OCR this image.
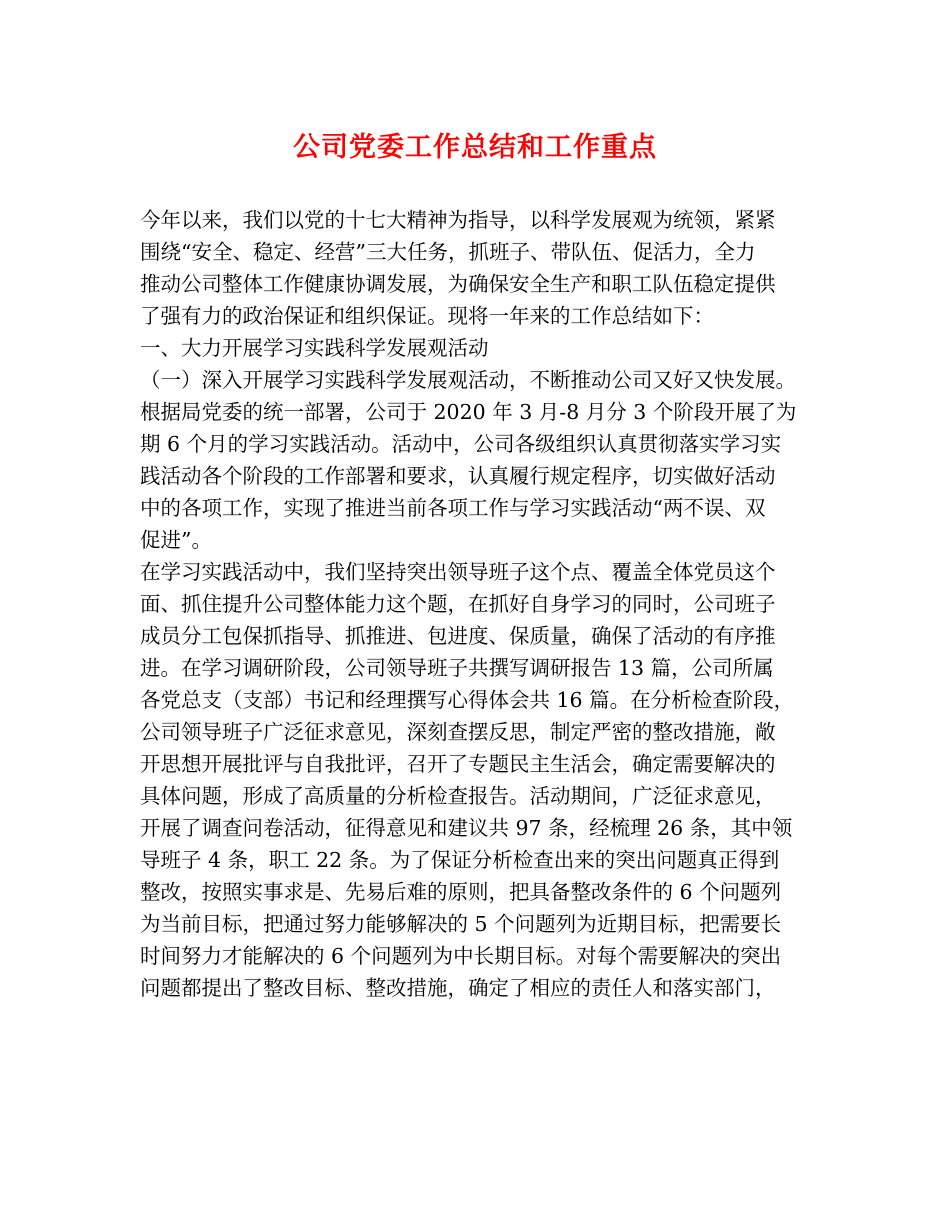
公司党委工作总结和工作重点
今年以来，我们以党的十七大精神为指导，以科学发展观为统领，紧紧
围绕“安全、稳定、经营”三大任务，抓班子、带队伍、促活力，全力
推动公司整体工作健康协调发展，为确保安全生产和职工队伍稳定提供
了强有力的政治保证和组织保证。现将一年来的工作总结如下：
一、大力开展学习实践科学发展观活动
（一）深入开展学习实践科学发展观活动，不断推动公司又好又快发展。
根据局党委的统一部署，公司于 2020 年 3 月-8 月分 3 个阶段开展了为
期 6 个月的学习实践活动。活动中，公司各级组织认真贯彻落实学习实
践活动各个阶段的工作部署和要求，认真履行规定程序，切实做好活动
中的各项工作，实现了推进当前各项工作与学习实践活动“两不误、双
促进”。
在学习实践活动中，我们坚持突出领导班子这个点、覆盖全体党员这个
面、抓住提升公司整体能力这个题，在抓好自身学习的同时，公司班子
成员分工包保抓指导、抓推进、包进度、保质量，确保了活动的有序推
进。在学习调研阶段，公司领导班子共撰写调研报告 13 篇，公司所属
各党总支（支部）书记和经理撰写心得体会共 16 篇。在分析检查阶段，
公司领导班子广泛征求意见，深刻查摆反思，制定严密的整改措施，敞
开思想开展批评与自我批评，召开了专题民主生活会，确定需要解决的
具体问题，形成了高质量的分析检查报告。活动期间，广泛征求意见，
开展了调查问卷活动，征得意见和建议共 97 条，经梳理 26 条，其中领
导班子 4 条，职工 22 条。为了保证分析检查出来的突出问题真正得到
整改，按照实事求是、先易后难的原则，把具备整改条件的 6 个问题列
为当前目标，把通过努力能够解决的 5 个问题列为近期目标，把需要长
时间努力才能解决的 6 个问题列为中长期目标。对每个需要解决的突出
问题都提出了整改目标、整改措施，确定了相应的责任人和落实部门，
